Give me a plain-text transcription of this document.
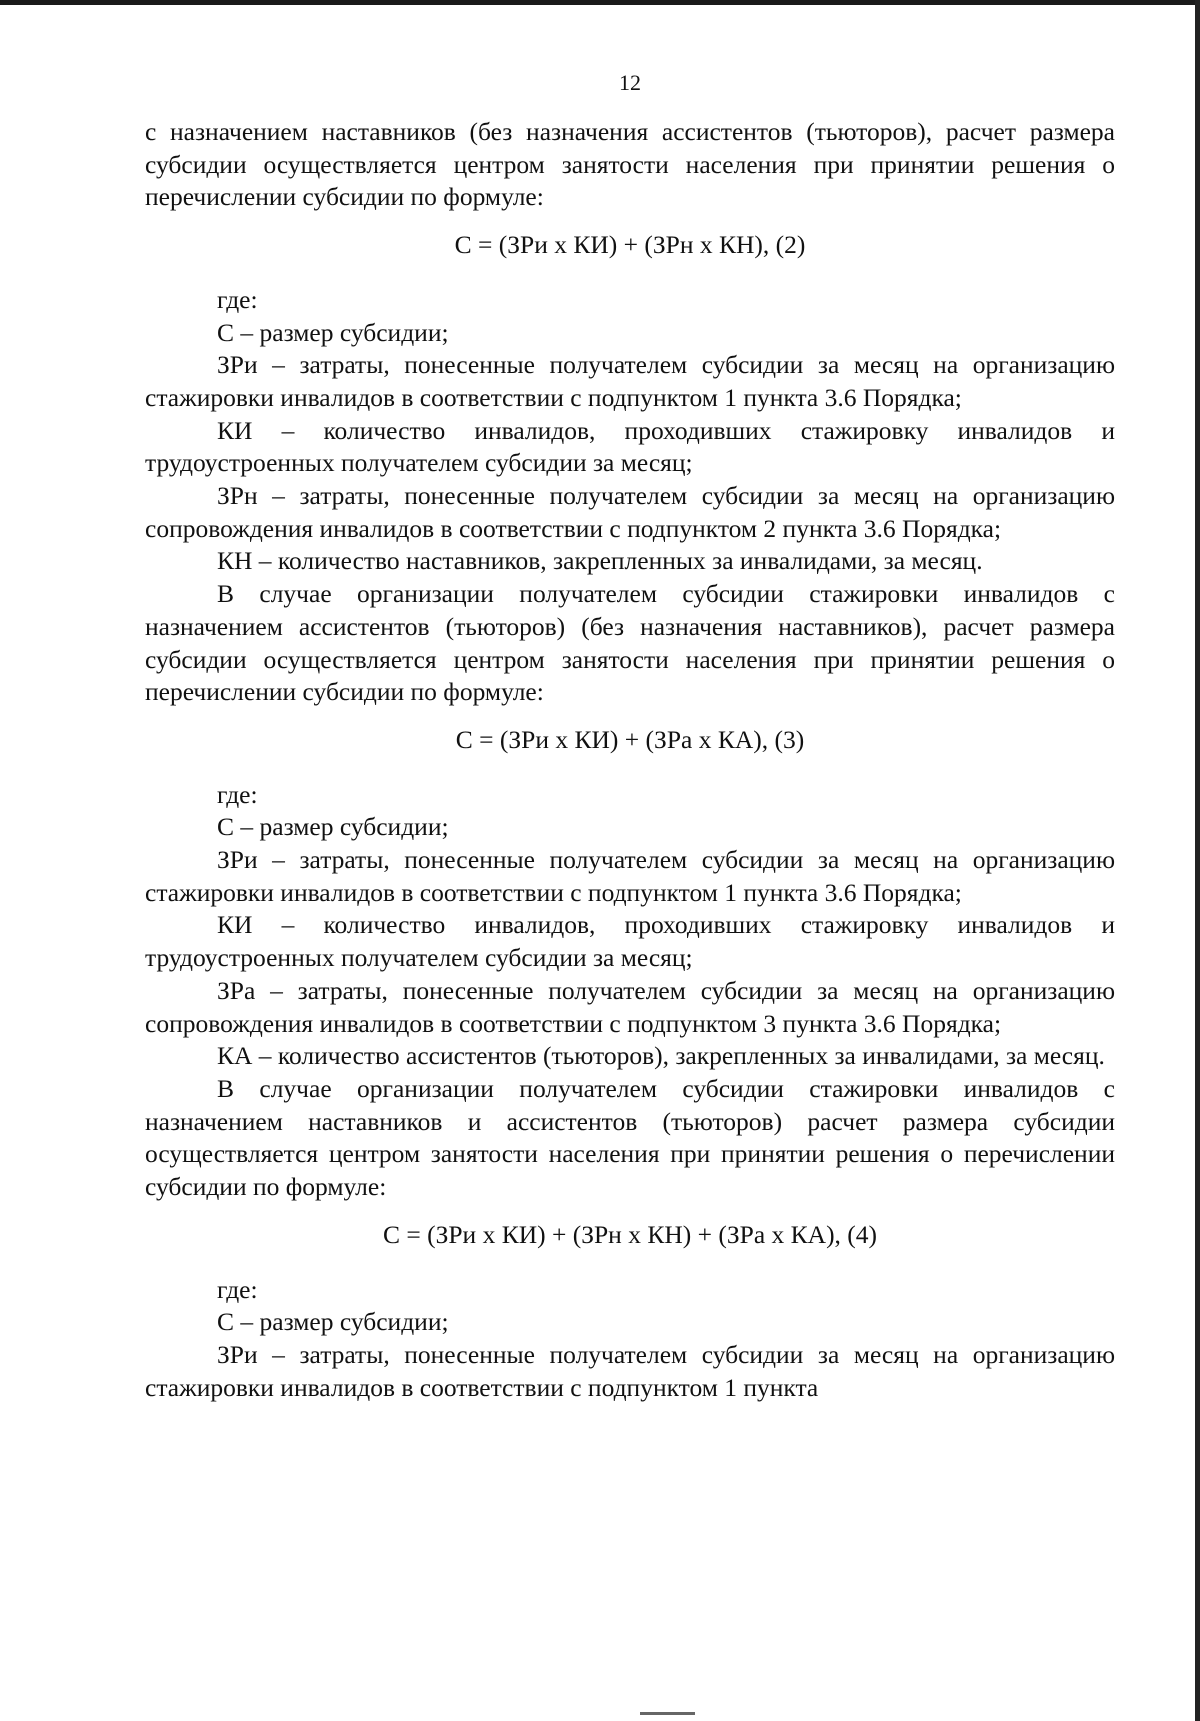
12

с назначением наставников (без назначения ассистентов (тьюторов), расчет размера субсидии осуществляется центром занятости населения при принятии решения о перечислении субсидии по формуле:

С = (ЗРи х КИ) + (ЗРн х КН), (2)

где:

С – размер субсидии;

ЗРи – затраты, понесенные получателем субсидии за месяц на организацию стажировки инвалидов в соответствии с подпунктом 1 пункта 3.6 Порядка;

КИ – количество инвалидов, проходивших стажировку инвалидов и трудоустроенных получателем субсидии за месяц;

ЗРн – затраты, понесенные получателем субсидии за месяц на организацию сопровождения инвалидов в соответствии с подпунктом 2 пункта 3.6 Порядка;

КН – количество наставников, закрепленных за инвалидами, за месяц.

В случае организации получателем субсидии стажировки инвалидов с назначением ассистентов (тьюторов) (без назначения наставников), расчет размера субсидии осуществляется центром занятости населения при принятии решения о перечислении субсидии по формуле:

С = (ЗРи х КИ) + (ЗРа х КА), (3)

где:

С – размер субсидии;

ЗРи – затраты, понесенные получателем субсидии за месяц на организацию стажировки инвалидов в соответствии с подпунктом 1 пункта 3.6 Порядка;

КИ – количество инвалидов, проходивших стажировку инвалидов и трудоустроенных получателем субсидии за месяц;

ЗРа – затраты, понесенные получателем субсидии за месяц на организацию сопровождения инвалидов в соответствии с подпунктом 3 пункта 3.6 Порядка;

КА – количество ассистентов (тьюторов), закрепленных за инвалидами, за месяц.

В случае организации получателем субсидии стажировки инвалидов с назначением наставников и ассистентов (тьюторов) расчет размера субсидии осуществляется центром занятости населения при принятии решения о перечислении субсидии по формуле:

С = (ЗРи х КИ) + (ЗРн х КН) + (ЗРа х КА), (4)

где:

С – размер субсидии;

ЗРи – затраты, понесенные получателем субсидии за месяц на организацию стажировки инвалидов в соответствии с подпунктом 1 пункта
